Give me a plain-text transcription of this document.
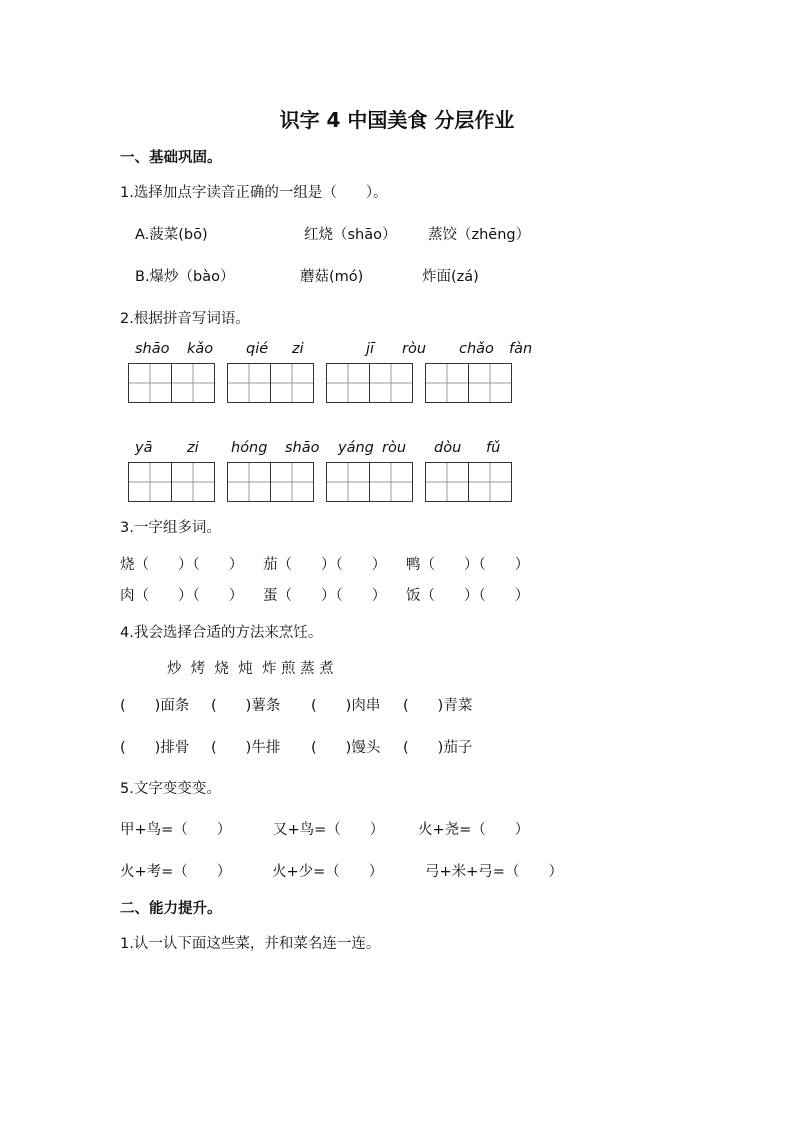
识字 4 中国美食 分层作业
一、基础巩固。
1.选择加点字读音正确的一组是（　　）。
A.菠菜(bō)	红烧（shāo） 蒸饺（zhēng）
B.爆炒（bào）	蘑菇(mó)	炸面(zá)
2.根据拼音写词语。
shāo kǎo qié zi	jī ròu chǎo fàn
yā zi hóng shāo yáng ròu dòu fǔ
3.一字组多词。
烧（　　）（　　） 茄（　　）（　　） 鸭（　　）（　　）
肉（　　）（　　） 蛋（　　）（　　） 饭（　　）（　　）
4.我会选择合适的方法来烹饪。
炒  烤  烧  炖  炸 煎 蒸 煮
(　　)面条 (　　)薯条 (　　)肉串 (　　)青菜
(　　)排骨 (　　)牛排 (　　)馒头 (　　)茄子
5.文字变变变。
甲+鸟=（　　）	又+鸟=（　　） 火+尧=（　　）
火+考=（　　）	火+少=（　　）	弓+米+弓=（　　）
二、能力提升。
1.认一认下面这些菜，并和菜名连一连。
